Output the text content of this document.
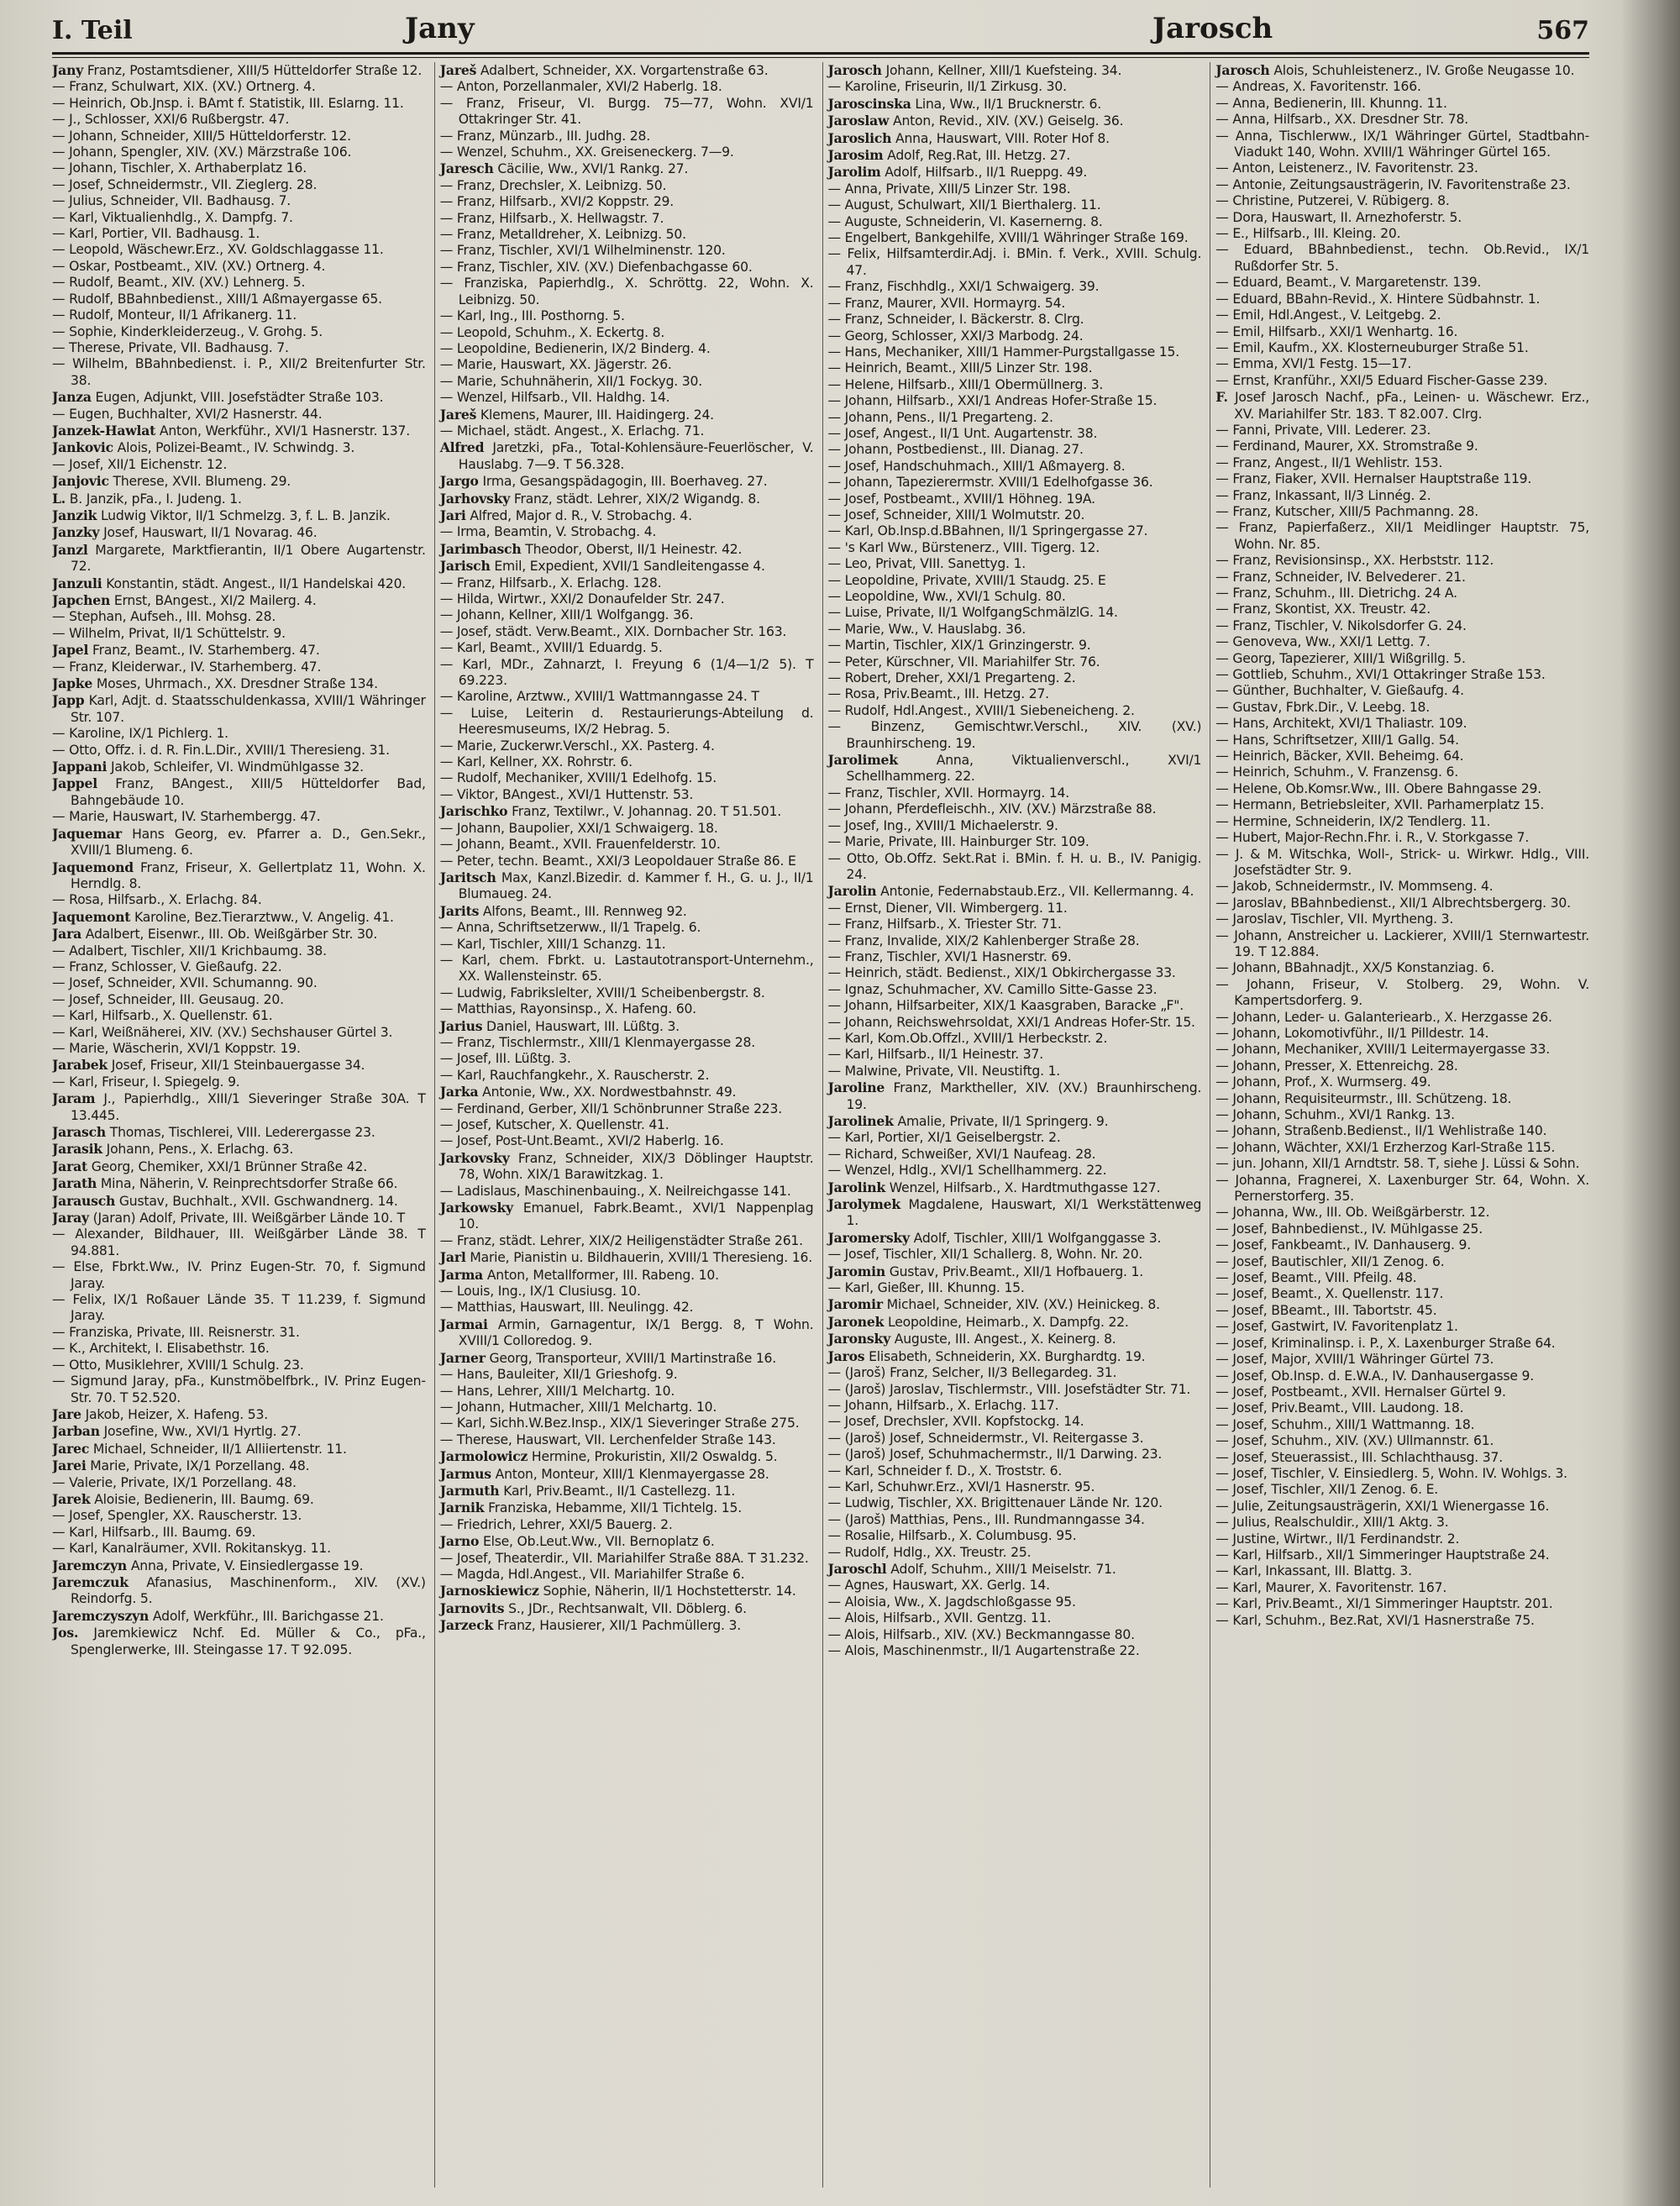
I. Teil	Jany	Jarosch	567

Jany Franz, Postamtsdiener, XIII/5 Hütteldorfer Straße 12.

— Franz, Schulwart, XIX. (XV.) Ortnerg. 4.

— Heinrich, Ob.Jnsp. i. BAmt f. Statistik, III. Eslarng. 11.

— J., Schlosser, XXI/6 Rußbergstr. 47.

— Johann, Schneider, XIII/5 Hütteldorferstr. 12.

— Johann, Spengler, XIV. (XV.) Märzstraße 106.

— Johann, Tischler, X. Arthaberplatz 16.

— Josef, Schneidermstr., VII. Zieglerg. 28.

— Julius, Schneider, VII. Badhausg. 7.

— Karl, Viktualienhdlg., X. Dampfg. 7.

— Karl, Portier, VII. Badhausg. 1.

— Leopold, Wäschewr.Erz., XV. Goldschlaggasse 11.

— Oskar, Postbeamt., XIV. (XV.) Ortnerg. 4.

— Rudolf, Beamt., XIV. (XV.) Lehnerg. 5.

— Rudolf, BBahnbedienst., XIII/1 Aßmayergasse 65.

— Rudolf, Monteur, II/1 Afrikanerg. 11.

— Sophie, Kinderkleiderzeug., V. Grohg. 5.

— Therese, Private, VII. Badhausg. 7.

— Wilhelm, BBahnbedienst. i. P., XII/2 Breitenfurter Str. 38.

Janza Eugen, Adjunkt, VIII. Josefstädter Straße 103.

— Eugen, Buchhalter, XVI/2 Hasnerstr. 44.

Janzek-Hawlat Anton, Werkführ., XVI/1 Hasnerstr. 137.

Jankovic Alois, Polizei-Beamt., IV. Schwindg. 3.

— Josef, XII/1 Eichenstr. 12.

Janjovic Therese, XVII. Blumeng. 29.

L. B. Janzik, pFa., I. Judeng. 1.

Janzik Ludwig Viktor, II/1 Schmelzg. 3, f. L. B. Janzik.

Janzky Josef, Hauswart, II/1 Novarag. 46.

Janzl Margarete, Marktfierantin, II/1 Obere Augartenstr. 72.

Janzuli Konstantin, städt. Angest., II/1 Handelskai 420.

Japchen Ernst, BAngest., XI/2 Mailerg. 4.

— Stephan, Aufseh., III. Mohsg. 28.

— Wilhelm, Privat, II/1 Schüttelstr. 9.

Japel Franz, Beamt., IV. Starhemberg. 47.

— Franz, Kleiderwar., IV. Starhemberg. 47.

Japke Moses, Uhrmach., XX. Dresdner Straße 134.

Japp Karl, Adjt. d. Staatsschuldenkassa, XVIII/1 Währinger Str. 107.

— Karoline, IX/1 Pichlerg. 1.

— Otto, Offz. i. d. R. Fin.L.Dir., XVIII/1 Theresieng. 31.

Jappani Jakob, Schleifer, VI. Windmühlgasse 32.

Jappel Franz, BAngest., XIII/5 Hütteldorfer Bad, Bahngebäude 10.

— Marie, Hauswart, IV. Starhembergg. 47.

Jaquemar Hans Georg, ev. Pfarrer a. D., Gen.Sekr., XVIII/1 Blumeng. 6.

Jaquemond Franz, Friseur, X. Gellertplatz 11, Wohn. X. Herndlg. 8.

— Rosa, Hilfsarb., X. Erlachg. 84.

Jaquemont Karoline, Bez.Tierarztww., V. Angelig. 41.

Jara Adalbert, Eisenwr., III. Ob. Weißgärber Str. 30.

— Adalbert, Tischler, XII/1 Krichbaumg. 38.

— Franz, Schlosser, V. Gießaufg. 22.

— Josef, Schneider, XVII. Schumanng. 90.

— Josef, Schneider, III. Geusaug. 20.

— Karl, Hilfsarb., X. Quellenstr. 61.

— Karl, Weißnäherei, XIV. (XV.) Sechshauser Gürtel 3.

— Marie, Wäscherin, XVI/1 Koppstr. 19.

Jarabek Josef, Friseur, XII/1 Steinbauergasse 34.

— Karl, Friseur, I. Spiegelg. 9.

Jaram J., Papierhdlg., XIII/1 Sieveringer Straße 30A. T 13.445.

Jarasch Thomas, Tischlerei, VIII. Lederergasse 23.

Jarasik Johann, Pens., X. Erlachg. 63.

Jarat Georg, Chemiker, XXI/1 Brünner Straße 42.

Jarath Mina, Näherin, V. Reinprechtsdorfer Straße 66.

Jarausch Gustav, Buchhalt., XVII. Gschwandnerg. 14.

Jaray (Jaran) Adolf, Private, III. Weißgärber Lände 10. T

— Alexander, Bildhauer, III. Weißgärber Lände 38. T 94.881.

— Else, Fbrkt.Ww., IV. Prinz Eugen-Str. 70, f. Sigmund Jaray.

— Felix, IX/1 Roßauer Lände 35. T 11.239, f. Sigmund Jaray.

— Franziska, Private, III. Reisnerstr. 31.

— K., Architekt, I. Elisabethstr. 16.

— Otto, Musiklehrer, XVIII/1 Schulg. 23.

— Sigmund Jaray, pFa., Kunstmöbelfbrk., IV. Prinz Eugen-Str. 70. T 52.520.

Jare Jakob, Heizer, X. Hafeng. 53.

Jarban Josefine, Ww., XVI/1 Hyrtlg. 27.

Jarec Michael, Schneider, II/1 Alliiertenstr. 11.

Jarei Marie, Private, IX/1 Porzellang. 48.

— Valerie, Private, IX/1 Porzellang. 48.

Jarek Aloisie, Bedienerin, III. Baumg. 69.

— Josef, Spengler, XX. Rauscherstr. 13.

— Karl, Hilfsarb., III. Baumg. 69.

— Karl, Kanalräumer, XVII. Rokitanskyg. 11.

Jaremczyn Anna, Private, V. Einsiedlergasse 19.

Jaremczuk Afanasius, Maschinenform., XIV. (XV.) Reindorfg. 5.

Jaremczyszyn Adolf, Werkführ., III. Barichgasse 21.

Jos. Jaremkiewicz Nchf. Ed. Müller & Co., pFa., Spenglerwerke, III. Steingasse 17. T 92.095.

Jareš Adalbert, Schneider, XX. Vorgartenstraße 63.

— Anton, Porzellanmaler, XVI/2 Haberlg. 18.

— Franz, Friseur, VI. Burgg. 75—77, Wohn. XVI/1 Ottakringer Str. 41.

— Franz, Münzarb., III. Judhg. 28.

— Wenzel, Schuhm., XX. Greiseneckerg. 7—9.

Jaresch Cäcilie, Ww., XVI/1 Rankg. 27.

— Franz, Drechsler, X. Leibnizg. 50.

— Franz, Hilfsarb., XVI/2 Koppstr. 29.

— Franz, Hilfsarb., X. Hellwagstr. 7.

— Franz, Metalldreher, X. Leibnizg. 50.

— Franz, Tischler, XVI/1 Wilhelminenstr. 120.

— Franz, Tischler, XIV. (XV.) Diefenbachgasse 60.

— Franziska, Papierhdlg., X. Schröttg. 22, Wohn. X. Leibnizg. 50.

— Karl, Ing., III. Posthorng. 5.

— Leopold, Schuhm., X. Eckertg. 8.

— Leopoldine, Bedienerin, IX/2 Binderg. 4.

— Marie, Hauswart, XX. Jägerstr. 26.

— Marie, Schuhnäherin, XII/1 Fockyg. 30.

— Wenzel, Hilfsarb., VII. Haldhg. 14.

Jareš Klemens, Maurer, III. Haidingerg. 24.

— Michael, städt. Angest., X. Erlachg. 71.

Alfred Jaretzki, pFa., Total-Kohlensäure-Feuerlöscher, V. Hauslabg. 7—9. T 56.328.

Jargo Irma, Gesangspädagogin, III. Boerhaveg. 27.

Jarhovsky Franz, städt. Lehrer, XIX/2 Wigandg. 8.

Jari Alfred, Major d. R., V. Strobachg. 4.

— Irma, Beamtin, V. Strobachg. 4.

Jarimbasch Theodor, Oberst, II/1 Heinestr. 42.

Jarisch Emil, Expedient, XVII/1 Sandleitengasse 4.

— Franz, Hilfsarb., X. Erlachg. 128.

— Hilda, Wirtwr., XXI/2 Donaufelder Str. 247.

— Johann, Kellner, XIII/1 Wolfgangg. 36.

— Josef, städt. Verw.Beamt., XIX. Dornbacher Str. 163.

— Karl, Beamt., XVIII/1 Eduardg. 5.

— Karl, MDr., Zahnarzt, I. Freyung 6 (1/4—1/2 5). T 69.223.

— Karoline, Arztww., XVIII/1 Wattmanngasse 24. T

— Luise, Leiterin d. Restaurierungs-Abteilung d. Heeresmuseums, IX/2 Hebrag. 5.

— Marie, Zuckerwr.Verschl., XX. Pasterg. 4.

— Karl, Kellner, XX. Rohrstr. 6.

— Rudolf, Mechaniker, XVIII/1 Edelhofg. 15.

— Viktor, BAngest., XVI/1 Huttenstr. 53.

Jarischko Franz, Textilwr., V. Johannag. 20. T 51.501.

— Johann, Baupolier, XXI/1 Schwaigerg. 18.

— Johann, Beamt., XVII. Frauenfelderstr. 10.

— Peter, techn. Beamt., XXI/3 Leopoldauer Straße 86. E

Jaritsch Max, Kanzl.Bizedir. d. Kammer f. H., G. u. J., II/1 Blumaueg. 24.

Jarits Alfons, Beamt., III. Rennweg 92.

— Anna, Schriftsetzerww., II/1 Trapelg. 6.

— Karl, Tischler, XIII/1 Schanzg. 11.

— Karl, chem. Fbrkt. u. Lastautotransport-Unternehm., XX. Wallensteinstr. 65.

— Ludwig, Fabrikslelter, XVIII/1 Scheibenbergstr. 8.

— Matthias, Rayonsinsp., X. Hafeng. 60.

Jarius Daniel, Hauswart, III. Lüßtg. 3.

— Franz, Tischlermstr., XIII/1 Klenmayergasse 28.

— Josef, III. Lüßtg. 3.

— Karl, Rauchfangkehr., X. Rauscherstr. 2.

Jarka Antonie, Ww., XX. Nordwestbahnstr. 49.

— Ferdinand, Gerber, XII/1 Schönbrunner Straße 223.

— Josef, Kutscher, X. Quellenstr. 41.

— Josef, Post-Unt.Beamt., XVI/2 Haberlg. 16.

Jarkovsky Franz, Schneider, XIX/3 Döblinger Hauptstr. 78, Wohn. XIX/1 Barawitzkag. 1.

— Ladislaus, Maschinenbauing., X. Neilreichgasse 141.

Jarkowsky Emanuel, Fabrk.Beamt., XVI/1 Nappenplag 10.

— Franz, städt. Lehrer, XIX/2 Heiligenstädter Straße 261.

Jarl Marie, Pianistin u. Bildhauerin, XVIII/1 Theresieng. 16.

Jarma Anton, Metallformer, III. Rabeng. 10.

— Louis, Ing., IX/1 Clusiusg. 10.

— Matthias, Hauswart, III. Neulingg. 42.

Jarmai Armin, Garnagentur, IX/1 Bergg. 8, T Wohn. XVIII/1 Colloredog. 9.

Jarner Georg, Transporteur, XVIII/1 Martinstraße 16.

— Hans, Bauleiter, XII/1 Grieshofg. 9.

— Hans, Lehrer, XIII/1 Melchartg. 10.

— Johann, Hutmacher, XIII/1 Melchartg. 10.

— Karl, Sichh.W.Bez.Insp., XIX/1 Sieveringer Straße 275.

— Therese, Hauswart, VII. Lerchenfelder Straße 143.

Jarmolowicz Hermine, Prokuristin, XII/2 Oswaldg. 5.

Jarmus Anton, Monteur, XIII/1 Klenmayergasse 28.

Jarmuth Karl, Priv.Beamt., II/1 Castellezg. 11.

Jarnik Franziska, Hebamme, XII/1 Tichtelg. 15.

— Friedrich, Lehrer, XXI/5 Bauerg. 2.

Jarno Else, Ob.Leut.Ww., VII. Bernoplatz 6.

— Josef, Theaterdir., VII. Mariahilfer Straße 88A. T 31.232.

— Magda, Hdl.Angest., VII. Mariahilfer Straße 6.

Jarnoskiewicz Sophie, Näherin, II/1 Hochstetterstr. 14.

Jarnovits S., JDr., Rechtsanwalt, VII. Döblerg. 6.

Jarzeck Franz, Hausierer, XII/1 Pachmüllerg. 3.

Jarosch Johann, Kellner, XIII/1 Kuefsteing. 34.

— Karoline, Friseurin, II/1 Zirkusg. 30.

Jaroscinska Lina, Ww., II/1 Brucknerstr. 6.

Jaroslaw Anton, Revid., XIV. (XV.) Geiselg. 36.

Jaroslich Anna, Hauswart, VIII. Roter Hof 8.

Jarosim Adolf, Reg.Rat, III. Hetzg. 27.

Jarolim Adolf, Hilfsarb., II/1 Rueppg. 49.

— Anna, Private, XIII/5 Linzer Str. 198.

— August, Schulwart, XII/1 Bierthalerg. 11.

— Auguste, Schneiderin, VI. Kasernerng. 8.

— Engelbert, Bankgehilfe, XVIII/1 Währinger Straße 169.

— Felix, Hilfsamterdir.Adj. i. BMin. f. Verk., XVIII. Schulg. 47.

— Franz, Fischhdlg., XXI/1 Schwaigerg. 39.

— Franz, Maurer, XVII. Hormayrg. 54.

— Franz, Schneider, I. Bäckerstr. 8. Clrg.

— Georg, Schlosser, XXI/3 Marbodg. 24.

— Hans, Mechaniker, XIII/1 Hammer-Purgstallgasse 15.

— Heinrich, Beamt., XIII/5 Linzer Str. 198.

— Helene, Hilfsarb., XIII/1 Obermüllnerg. 3.

— Johann, Hilfsarb., XXI/1 Andreas Hofer-Straße 15.

— Johann, Pens., II/1 Pregarteng. 2.

— Josef, Angest., II/1 Unt. Augartenstr. 38.

— Johann, Postbedienst., III. Dianag. 27.

— Josef, Handschuhmach., XIII/1 Aßmayerg. 8.

— Johann, Tapezierermstr. XVIII/1 Edelhofgasse 36.

— Josef, Postbeamt., XVIII/1 Höhneg. 19A.

— Josef, Schneider, XIII/1 Wolmutstr. 20.

— Karl, Ob.Insp.d.BBahnen, II/1 Springergasse 27.

— 's Karl Ww., Bürstenerz., VIII. Tigerg. 12.

— Leo, Privat, VIII. Sanettyg. 1.

— Leopoldine, Private, XVIII/1 Staudg. 25. E

— Leopoldine, Ww., XVI/1 Schulg. 80.

— Luise, Private, II/1 WolfgangSchmälzlG. 14.

— Marie, Ww., V. Hauslabg. 36.

— Martin, Tischler, XIX/1 Grinzingerstr. 9.

— Peter, Kürschner, VII. Mariahilfer Str. 76.

— Robert, Dreher, XXI/1 Pregarteng. 2.

— Rosa, Priv.Beamt., III. Hetzg. 27.

— Rudolf, Hdl.Angest., XVIII/1 Siebeneicheng. 2.

— Binzenz, Gemischtwr.Verschl., XIV. (XV.) Braunhirscheng. 19.

Jarolimek Anna, Viktualienverschl., XVI/1 Schellhammerg. 22.

— Franz, Tischler, XVII. Hormayrg. 14.

— Johann, Pferdefleischh., XIV. (XV.) Märzstraße 88.

— Josef, Ing., XVIII/1 Michaelerstr. 9.

— Marie, Private, III. Hainburger Str. 109.

— Otto, Ob.Offz. Sekt.Rat i. BMin. f. H. u. B., IV. Panigig. 24.

Jarolin Antonie, Federnabstaub.Erz., VII. Kellermanng. 4.

— Ernst, Diener, VII. Wimbergerg. 11.

— Franz, Hilfsarb., X. Triester Str. 71.

— Franz, Invalide, XIX/2 Kahlenberger Straße 28.

— Franz, Tischler, XVI/1 Hasnerstr. 69.

— Heinrich, städt. Bedienst., XIX/1 Obkirchergasse 33.

— Ignaz, Schuhmacher, XV. Camillo Sitte-Gasse 23.

— Johann, Hilfsarbeiter, XIX/1 Kaasgraben, Baracke „F".

— Johann, Reichswehrsoldat, XXI/1 Andreas Hofer-Str. 15.

— Karl, Kom.Ob.Offzl., XVIII/1 Herbeckstr. 2.

— Karl, Hilfsarb., II/1 Heinestr. 37.

— Malwine, Private, VII. Neustiftg. 1.

Jaroline Franz, Marktheller, XIV. (XV.) Braunhirscheng. 19.

Jarolinek Amalie, Private, II/1 Springerg. 9.

— Karl, Portier, XI/1 Geiselbergstr. 2.

— Richard, Schweißer, XVI/1 Naufeag. 28.

— Wenzel, Hdlg., XVI/1 Schellhammerg. 22.

Jarolink Wenzel, Hilfsarb., X. Hardtmuthgasse 127.

Jarolymek Magdalene, Hauswart, XI/1 Werkstättenweg 1.

Jaromersky Adolf, Tischler, XIII/1 Wolfganggasse 3.

— Josef, Tischler, XII/1 Schallerg. 8, Wohn. Nr. 20.

Jaromin Gustav, Priv.Beamt., XII/1 Hofbauerg. 1.

— Karl, Gießer, III. Khunng. 15.

Jaromir Michael, Schneider, XIV. (XV.) Heinickeg. 8.

Jaronek Leopoldine, Heimarb., X. Dampfg. 22.

Jaronsky Auguste, III. Angest., X. Keinerg. 8.

Jaros Elisabeth, Schneiderin, XX. Burghardtg. 19.

— (Jaroš) Franz, Selcher, II/3 Bellegardeg. 31.

— (Jaroš) Jaroslav, Tischlermstr., VIII. Josefstädter Str. 71.

— Johann, Hilfsarb., X. Erlachg. 117.

— Josef, Drechsler, XVII. Kopfstockg. 14.

— (Jaroš) Josef, Schneidermstr., VI. Reitergasse 3.

— (Jaroš) Josef, Schuhmachermstr., II/1 Darwing. 23.

— Karl, Schneider f. D., X. Troststr. 6.

— Karl, Schuhwr.Erz., XVI/1 Hasnerstr. 95.

— Ludwig, Tischler, XX. Brigittenauer Lände Nr. 120.

— (Jaroš) Matthias, Pens., III. Rundmanngasse 34.

— Rosalie, Hilfsarb., X. Columbusg. 95.

— Rudolf, Hdlg., XX. Treustr. 25.

Jaroschl Adolf, Schuhm., XIII/1 Meiselstr. 71.

— Agnes, Hauswart, XX. Gerlg. 14.

— Aloisia, Ww., X. Jagdschloßgasse 95.

— Alois, Hilfsarb., XVII. Gentzg. 11.

— Alois, Hilfsarb., XIV. (XV.) Beckmanngasse 80.

— Alois, Maschinenmstr., II/1 Augartenstraße 22.

Jarosch Alois, Schuhleistenerz., IV. Große Neugasse 10.

— Andreas, X. Favoritenstr. 166.

— Anna, Bedienerin, III. Khunng. 11.

— Anna, Hilfsarb., XX. Dresdner Str. 78.

— Anna, Tischlerww., IX/1 Währinger Gürtel, Stadtbahn-Viadukt 140, Wohn. XVIII/1 Währinger Gürtel 165.

— Anton, Leistenerz., IV. Favoritenstr. 23.

— Antonie, Zeitungsausträgerin, IV. Favoritenstraße 23.

— Christine, Putzerei, V. Rübigerg. 8.

— Dora, Hauswart, II. Arnezhoferstr. 5.

— E., Hilfsarb., III. Kleing. 20.

— Eduard, BBahnbedienst., techn. Ob.Revid., IX/1 Rußdorfer Str. 5.

— Eduard, Beamt., V. Margaretenstr. 139.

— Eduard, BBahn-Revid., X. Hintere Südbahnstr. 1.

— Emil, Hdl.Angest., V. Leitgebg. 2.

— Emil, Hilfsarb., XXI/1 Wenhartg. 16.

— Emil, Kaufm., XX. Klosterneuburger Straße 51.

— Emma, XVI/1 Festg. 15—17.

— Ernst, Kranführ., XXI/5 Eduard Fischer-Gasse 239.

F. Josef Jarosch Nachf., pFa., Leinen- u. Wäschewr. Erz., XV. Mariahilfer Str. 183. T 82.007. Clrg.

— Fanni, Private, VIII. Lederer. 23.

— Ferdinand, Maurer, XX. Stromstraße 9.

— Franz, Angest., II/1 Wehlistr. 153.

— Franz, Fiaker, XVII. Hernalser Hauptstraße 119.

— Franz, Inkassant, II/3 Linnég. 2.

— Franz, Kutscher, XIII/5 Pachmanng. 28.

— Franz, Papierfaßerz., XII/1 Meidlinger Hauptstr. 75, Wohn. Nr. 85.

— Franz, Revisionsinsp., XX. Herbststr. 112.

— Franz, Schneider, IV. Belvederег. 21.

— Franz, Schuhm., III. Dietrichg. 24 A.

— Franz, Skontist, XX. Treustr. 42.

— Franz, Tischler, V. Nikolsdorfer G. 24.

— Genoveva, Ww., XXI/1 Lettg. 7.

— Georg, Tapezierer, XIII/1 Wißgrillg. 5.

— Gottlieb, Schuhm., XVI/1 Ottakringer Straße 153.

— Günther, Buchhalter, V. Gießaufg. 4.

— Gustav, Fbrk.Dir., V. Leebg. 18.

— Hans, Architekt, XVI/1 Thaliastr. 109.

— Hans, Schriftsetzer, XIII/1 Gallg. 54.

— Heinrich, Bäcker, XVII. Beheimg. 64.

— Heinrich, Schuhm., V. Franzensg. 6.

— Helene, Ob.Komsr.Ww., III. Obere Bahngasse 29.

— Hermann, Betriebsleiter, XVII. Parhamerplatz 15.

— Hermine, Schneiderin, IX/2 Tendlerg. 11.

— Hubert, Major-Rechn.Fhr. i. R., V. Storkgasse 7.

— J. & M. Witschka, Woll-, Strick- u. Wirkwr. Hdlg., VIII. Josefstädter Str. 9.

— Jakob, Schneidermstr., IV. Mommseng. 4.

— Jaroslav, BBahnbedienst., XII/1 Albrechtsbergerg. 30.

— Jaroslav, Tischler, VII. Myrtheng. 3.

— Johann, Anstreicher u. Lackierer, XVIII/1 Sternwartestr. 19. T 12.884.

— Johann, BBahnadjt., XX/5 Konstanziag. 6.

— Johann, Friseur, V. Stolberg. 29, Wohn. V. Kampertsdorferg. 9.

— Johann, Leder- u. Galanteriearb., X. Herzgasse 26.

— Johann, Lokomotivführ., II/1 Pilldestr. 14.

— Johann, Mechaniker, XVIII/1 Leitermayergasse 33.

— Johann, Presser, X. Ettenreichg. 28.

— Johann, Prof., X. Wurmserg. 49.

— Johann, Requisiteurmstr., III. Schützeng. 18.

— Johann, Schuhm., XVI/1 Rankg. 13.

— Johann, Straßenb.Bedienst., II/1 Wehlistraße 140.

— Johann, Wächter, XXI/1 Erzherzog Karl-Straße 115.

— jun. Johann, XII/1 Arndtstr. 58. T, siehe J. Lüssi & Sohn.

— Johanna, Fragnerei, X. Laxenburger Str. 64, Wohn. X. Pernerstorferg. 35.

— Johanna, Ww., III. Ob. Weißgärberstr. 12.

— Josef, Bahnbedienst., IV. Mühlgasse 25.

— Josef, Fankbeamt., IV. Danhauserg. 9.

— Josef, Bautischler, XII/1 Zenog. 6.

— Josef, Beamt., VIII. Pfeilg. 48.

— Josef, Beamt., X. Quellenstr. 117.

— Josef, BBeamt., III. Tabortstr. 45.

— Josef, Gastwirt, IV. Favoritenplatz 1.

— Josef, Kriminalinsp. i. P., X. Laxenburger Straße 64.

— Josef, Major, XVIII/1 Währinger Gürtel 73.

— Josef, Ob.Insp. d. E.W.A., IV. Danhausergasse 9.

— Josef, Postbeamt., XVII. Hernalser Gürtel 9.

— Josef, Priv.Beamt., VIII. Laudong. 18.

— Josef, Schuhm., XIII/1 Wattmanng. 18.

— Josef, Schuhm., XIV. (XV.) Ullmannstr. 61.

— Josef, Steuerassist., III. Schlachthausg. 37.

— Josef, Tischler, V. Einsiedlerg. 5, Wohn. IV. Wohlgs. 3.

— Josef, Tischler, XII/1 Zenog. 6. E.

— Julie, Zeitungsausträgerin, XXI/1 Wienergasse 16.

— Julius, Realschuldir., XIII/1 Aktg. 3.

— Justine, Wirtwr., II/1 Ferdinandstr. 2.

— Karl, Hilfsarb., XII/1 Simmeringer Hauptstraße 24.

— Karl, Inkassant, III. Blattg. 3.

— Karl, Maurer, X. Favoritenstr. 167.

— Karl, Priv.Beamt., XI/1 Simmeringer Hauptstr. 201.

— Karl, Schuhm., Bez.Rat, XVI/1 Hasnerstraße 75.
